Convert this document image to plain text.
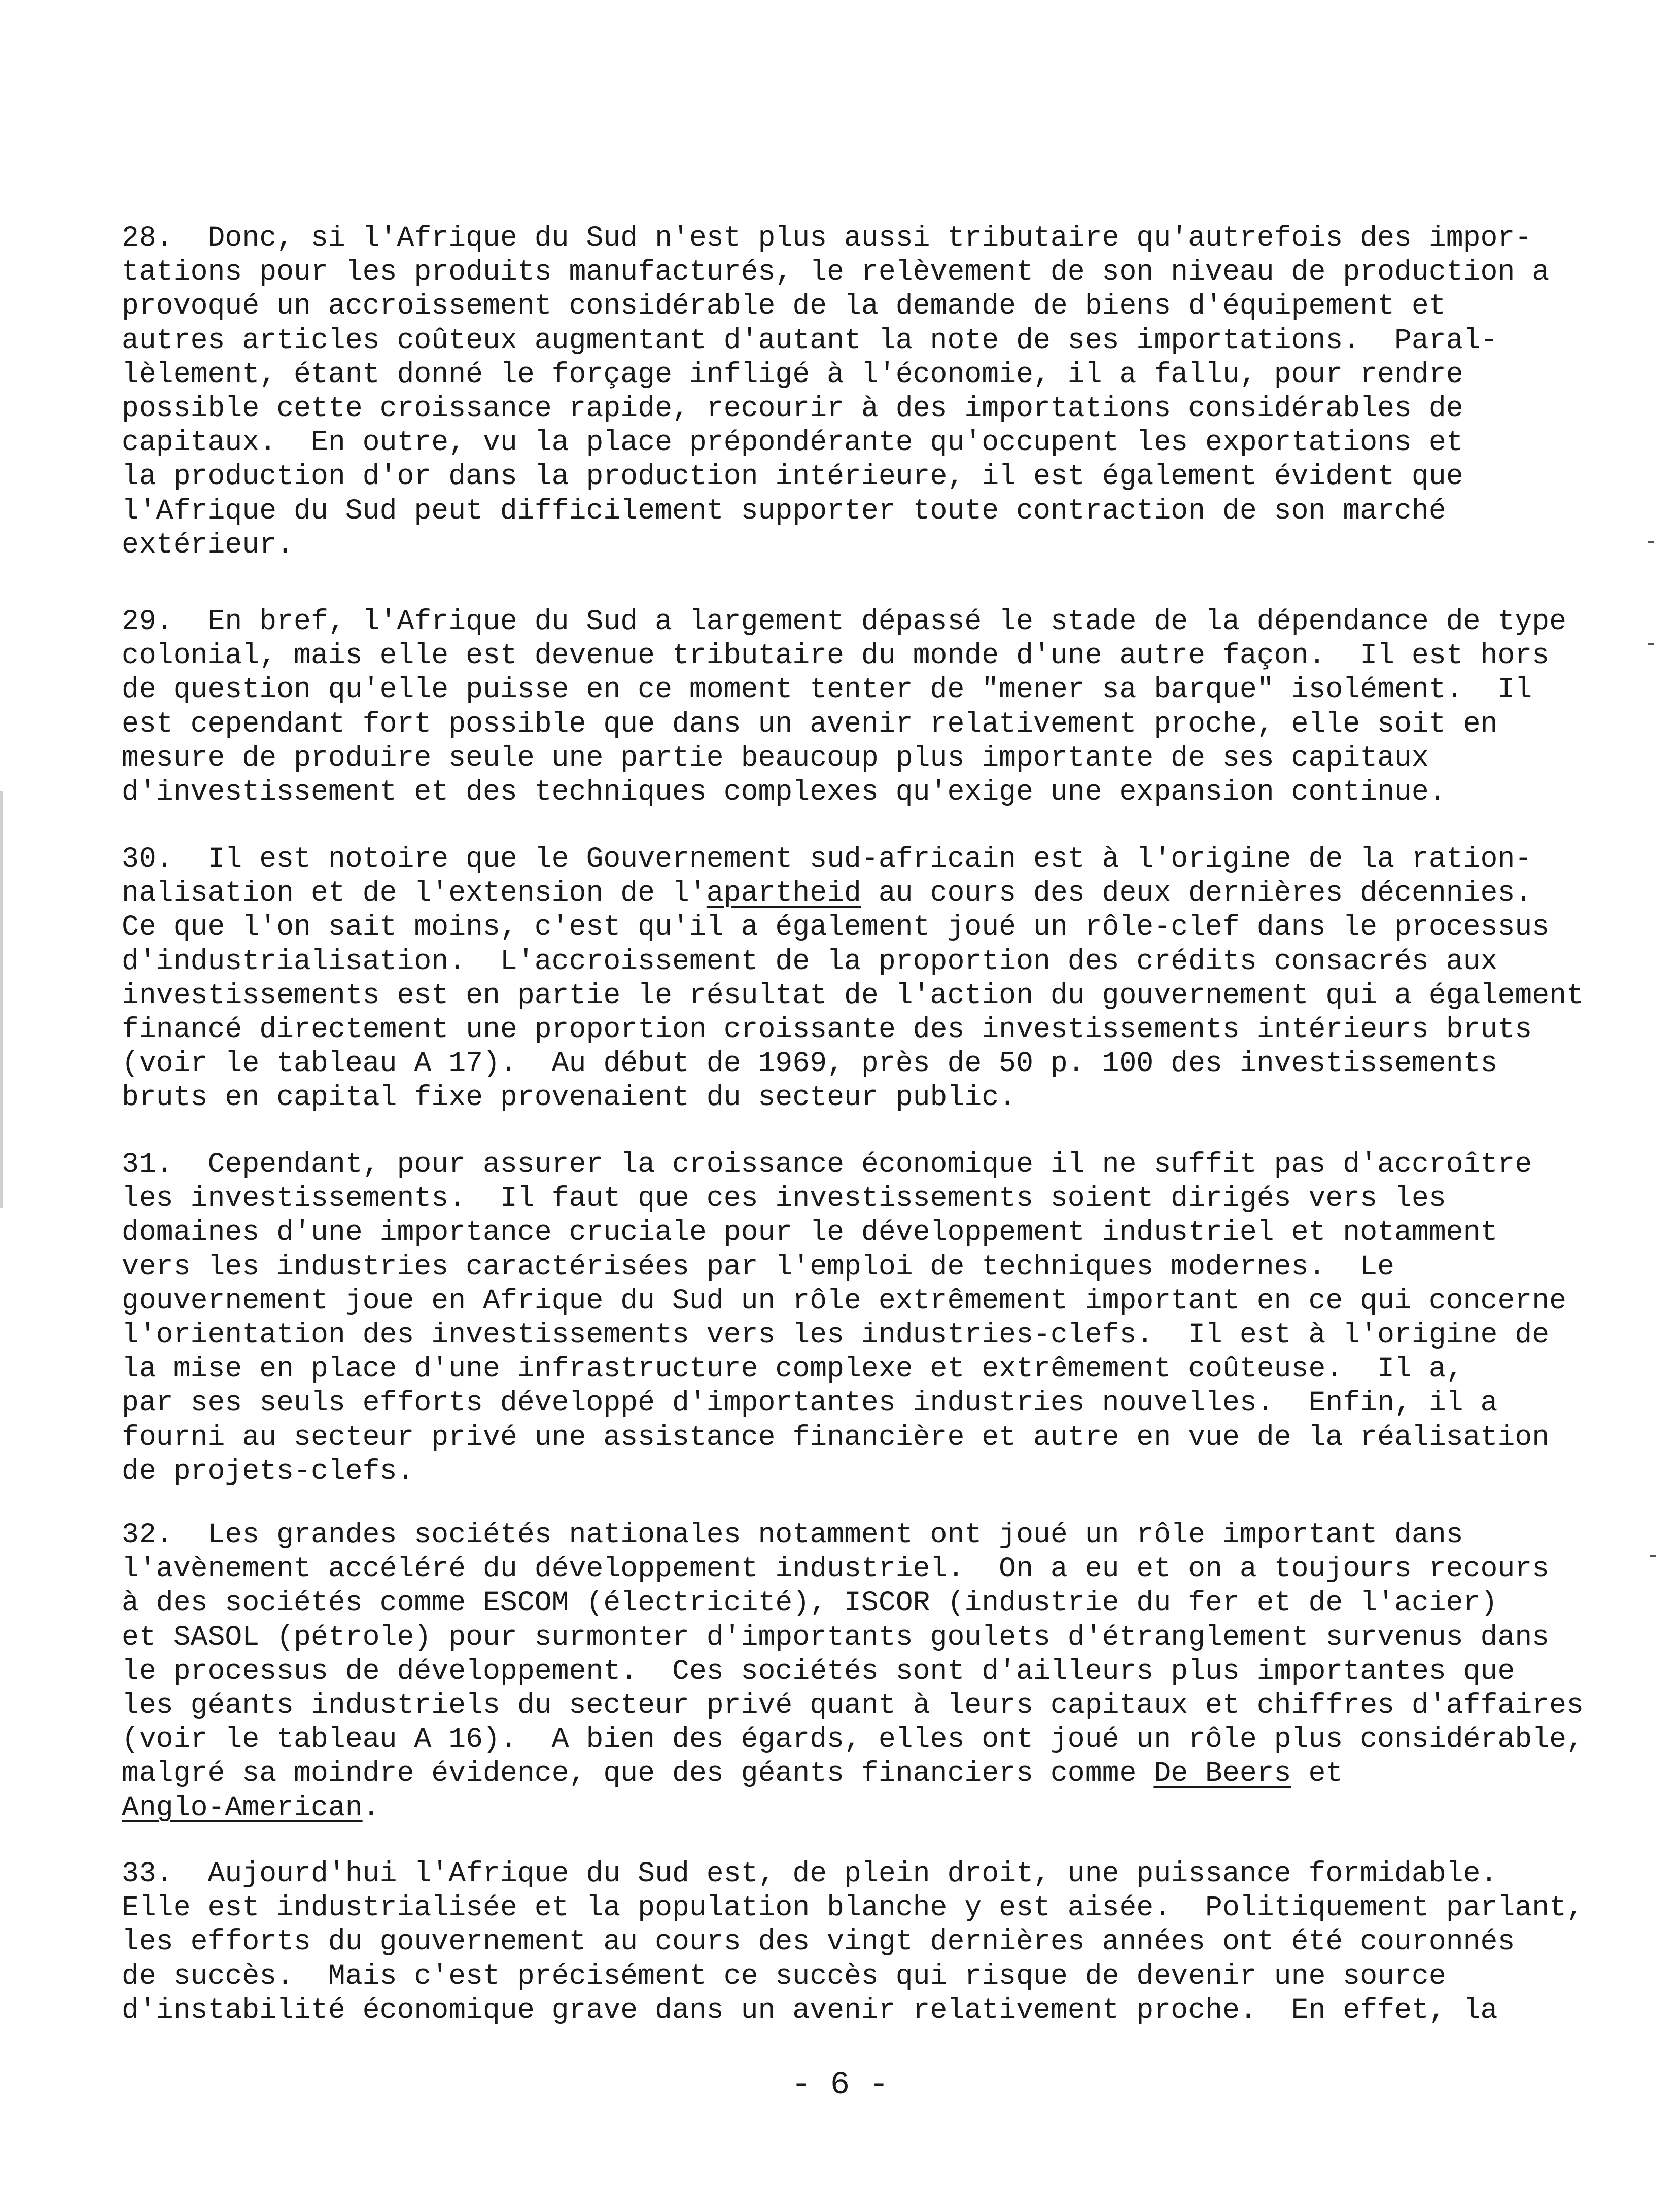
28.  Donc, si l'Afrique du Sud n'est plus aussi tributaire qu'autrefois des impor-
tations pour les produits manufacturés, le relèvement de son niveau de production a
provoqué un accroissement considérable de la demande de biens d'équipement et
autres articles coûteux augmentant d'autant la note de ses importations.  Paral-
lèlement, étant donné le forçage infligé à l'économie, il a fallu, pour rendre
possible cette croissance rapide, recourir à des importations considérables de
capitaux.  En outre, vu la place prépondérante qu'occupent les exportations et
la production d'or dans la production intérieure, il est également évident que
l'Afrique du Sud peut difficilement supporter toute contraction de son marché
extérieur.
29.  En bref, l'Afrique du Sud a largement dépassé le stade de la dépendance de type
colonial, mais elle est devenue tributaire du monde d'une autre façon.  Il est hors
de question qu'elle puisse en ce moment tenter de "mener sa barque" isolément.  Il
est cependant fort possible que dans un avenir relativement proche, elle soit en
mesure de produire seule une partie beaucoup plus importante de ses capitaux
d'investissement et des techniques complexes qu'exige une expansion continue.
30.  Il est notoire que le Gouvernement sud-africain est à l'origine de la ration-
nalisation et de l'extension de l'apartheid au cours des deux dernières décennies.
Ce que l'on sait moins, c'est qu'il a également joué un rôle-clef dans le processus
d'industrialisation.  L'accroissement de la proportion des crédits consacrés aux
investissements est en partie le résultat de l'action du gouvernement qui a également
financé directement une proportion croissante des investissements intérieurs bruts
(voir le tableau A 17).  Au début de 1969, près de 50 p. 100 des investissements
bruts en capital fixe provenaient du secteur public.
31.  Cependant, pour assurer la croissance économique il ne suffit pas d'accroître
les investissements.  Il faut que ces investissements soient dirigés vers les
domaines d'une importance cruciale pour le développement industriel et notamment
vers les industries caractérisées par l'emploi de techniques modernes.  Le
gouvernement joue en Afrique du Sud un rôle extrêmement important en ce qui concerne
l'orientation des investissements vers les industries-clefs.  Il est à l'origine de
la mise en place d'une infrastructure complexe et extrêmement coûteuse.  Il a,
par ses seuls efforts développé d'importantes industries nouvelles.  Enfin, il a
fourni au secteur privé une assistance financière et autre en vue de la réalisation
de projets-clefs.
32.  Les grandes sociétés nationales notamment ont joué un rôle important dans
l'avènement accéléré du développement industriel.  On a eu et on a toujours recours
à des sociétés comme ESCOM (électricité), ISCOR (industrie du fer et de l'acier)
et SASOL (pétrole) pour surmonter d'importants goulets d'étranglement survenus dans
le processus de développement.  Ces sociétés sont d'ailleurs plus importantes que
les géants industriels du secteur privé quant à leurs capitaux et chiffres d'affaires
(voir le tableau A 16).  A bien des égards, elles ont joué un rôle plus considérable,
malgré sa moindre évidence, que des géants financiers comme De Beers et
Anglo-American.
33.  Aujourd'hui l'Afrique du Sud est, de plein droit, une puissance formidable.
Elle est industrialisée et la population blanche y est aisée.  Politiquement parlant,
les efforts du gouvernement au cours des vingt dernières années ont été couronnés
de succès.  Mais c'est précisément ce succès qui risque de devenir une source
d'instabilité économique grave dans un avenir relativement proche.  En effet, la
- 6 -
